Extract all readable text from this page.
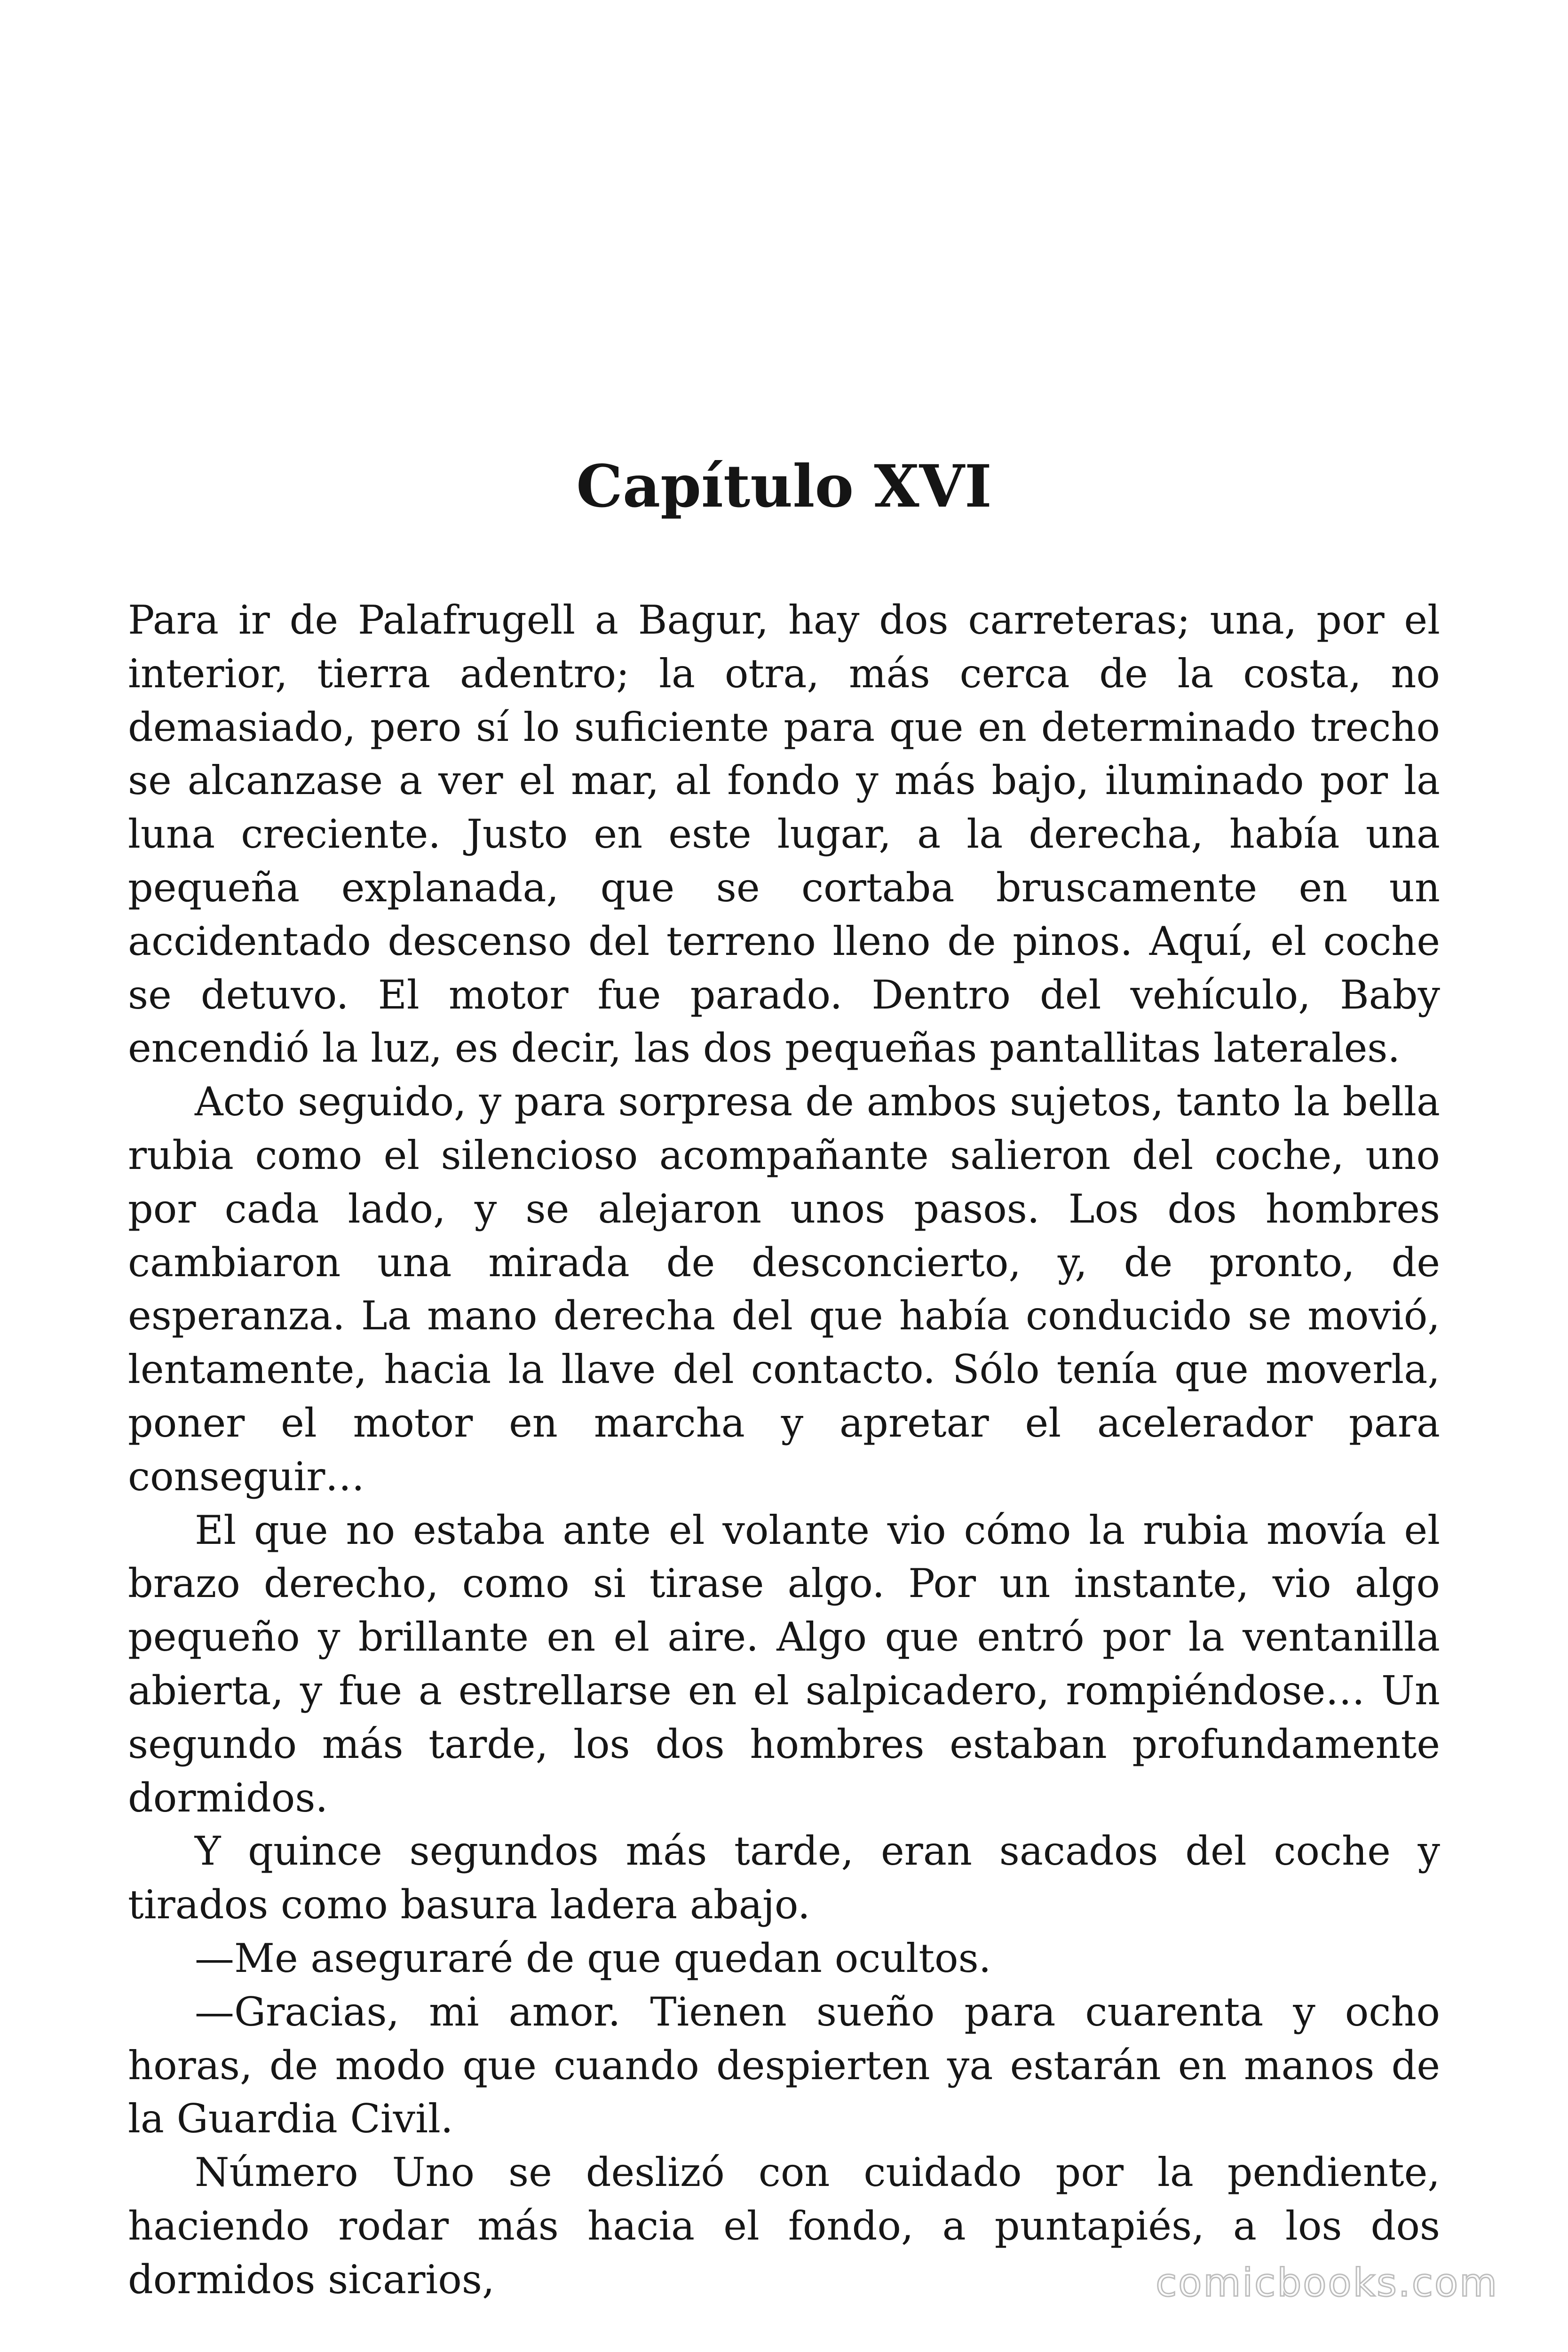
Capítulo XVI

Para ir de Palafrugell a Bagur, hay dos carreteras; una, por el interior, tierra adentro; la otra, más cerca de la costa, no demasiado, pero sí lo suficiente para que en determinado trecho se alcanzase a ver el mar, al fondo y más bajo, iluminado por la luna creciente. Justo en este lugar, a la derecha, había una pequeña explanada, que se cortaba bruscamente en un accidentado descenso del terreno lleno de pinos. Aquí, el coche se detuvo. El motor fue parado. Dentro del vehículo, Baby encendió la luz, es decir, las dos pequeñas pantallitas laterales.

Acto seguido, y para sorpresa de ambos sujetos, tanto la bella rubia como el silencioso acompañante salieron del coche, uno por cada lado, y se alejaron unos pasos. Los dos hombres cambiaron una mirada de desconcierto, y, de pronto, de esperanza. La mano derecha del que había conducido se movió, lentamente, hacia la llave del contacto. Sólo tenía que moverla, poner el motor en marcha y apretar el acelerador para conseguir…

El que no estaba ante el volante vio cómo la rubia movía el brazo derecho, como si tirase algo. Por un instante, vio algo pequeño y brillante en el aire. Algo que entró por la ventanilla abierta, y fue a estrellarse en el salpicadero, rompiéndose… Un segundo más tarde, los dos hombres estaban profundamente dormidos.

Y quince segundos más tarde, eran sacados del coche y tirados como basura ladera abajo.

—Me aseguraré de que quedan ocultos.

—Gracias, mi amor. Tienen sueño para cuarenta y ocho horas, de modo que cuando despierten ya estarán en manos de la Guardia Civil.

Número Uno se deslizó con cuidado por la pendiente, haciendo rodar más hacia el fondo, a puntapiés, a los dos dormidos sicarios,	comicbooks.com
